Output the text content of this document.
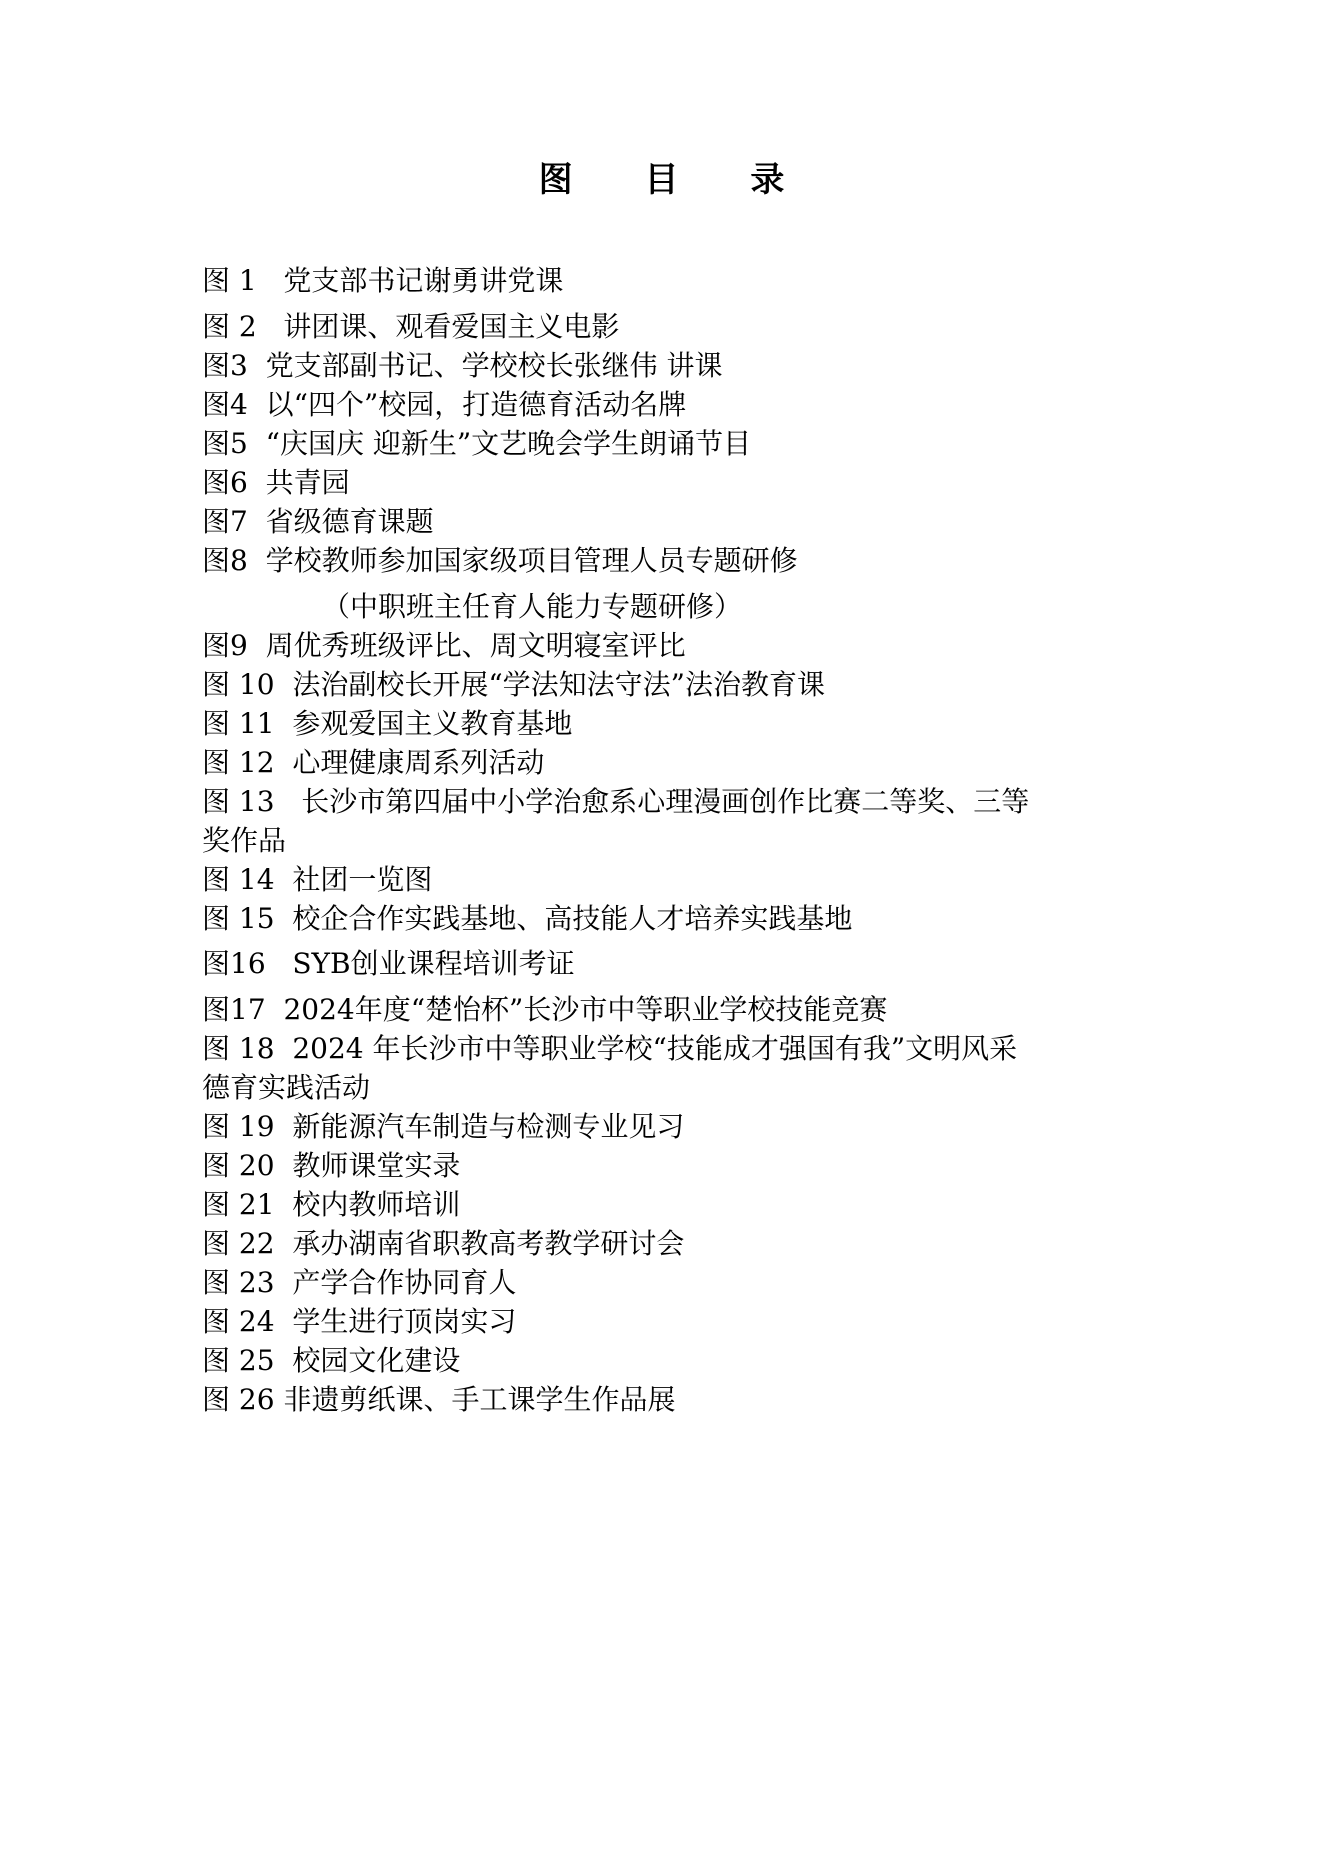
图 目 录
图 1 党支部书记谢勇讲党课
图 2 讲团课、观看爱国主义电影
图3 党支部副书记、学校校长张继伟 讲课
图4 以“四个”校园，打造德育活动名牌
图5 “庆国庆 迎新生”文艺晚会学生朗诵节目
图6 共青园
图7 省级德育课题
图8 学校教师参加国家级项目管理人员专题研修
（中职班主任育人能力专题研修）
图9 周优秀班级评比、周文明寝室评比
图 10 法治副校长开展“学法知法守法”法治教育课
图 11 参观爱国主义教育基地
图 12 心理健康周系列活动
图 13 长沙市第四届中小学治愈系心理漫画创作比赛二等奖、三等
奖作品
图 14 社团一览图
图 15 校企合作实践基地、高技能人才培养实践基地
图16 SYB创业课程培训考证
图17 2024年度“楚怡杯”长沙市中等职业学校技能竞赛
图 18 2024 年长沙市中等职业学校“技能成才强国有我”文明风采
德育实践活动
图 19 新能源汽车制造与检测专业见习
图 20 教师课堂实录
图 21 校内教师培训
图 22 承办湖南省职教高考教学研讨会
图 23 产学合作协同育人
图 24 学生进行顶岗实习
图 25 校园文化建设
图 26 非遗剪纸课、手工课学生作品展
